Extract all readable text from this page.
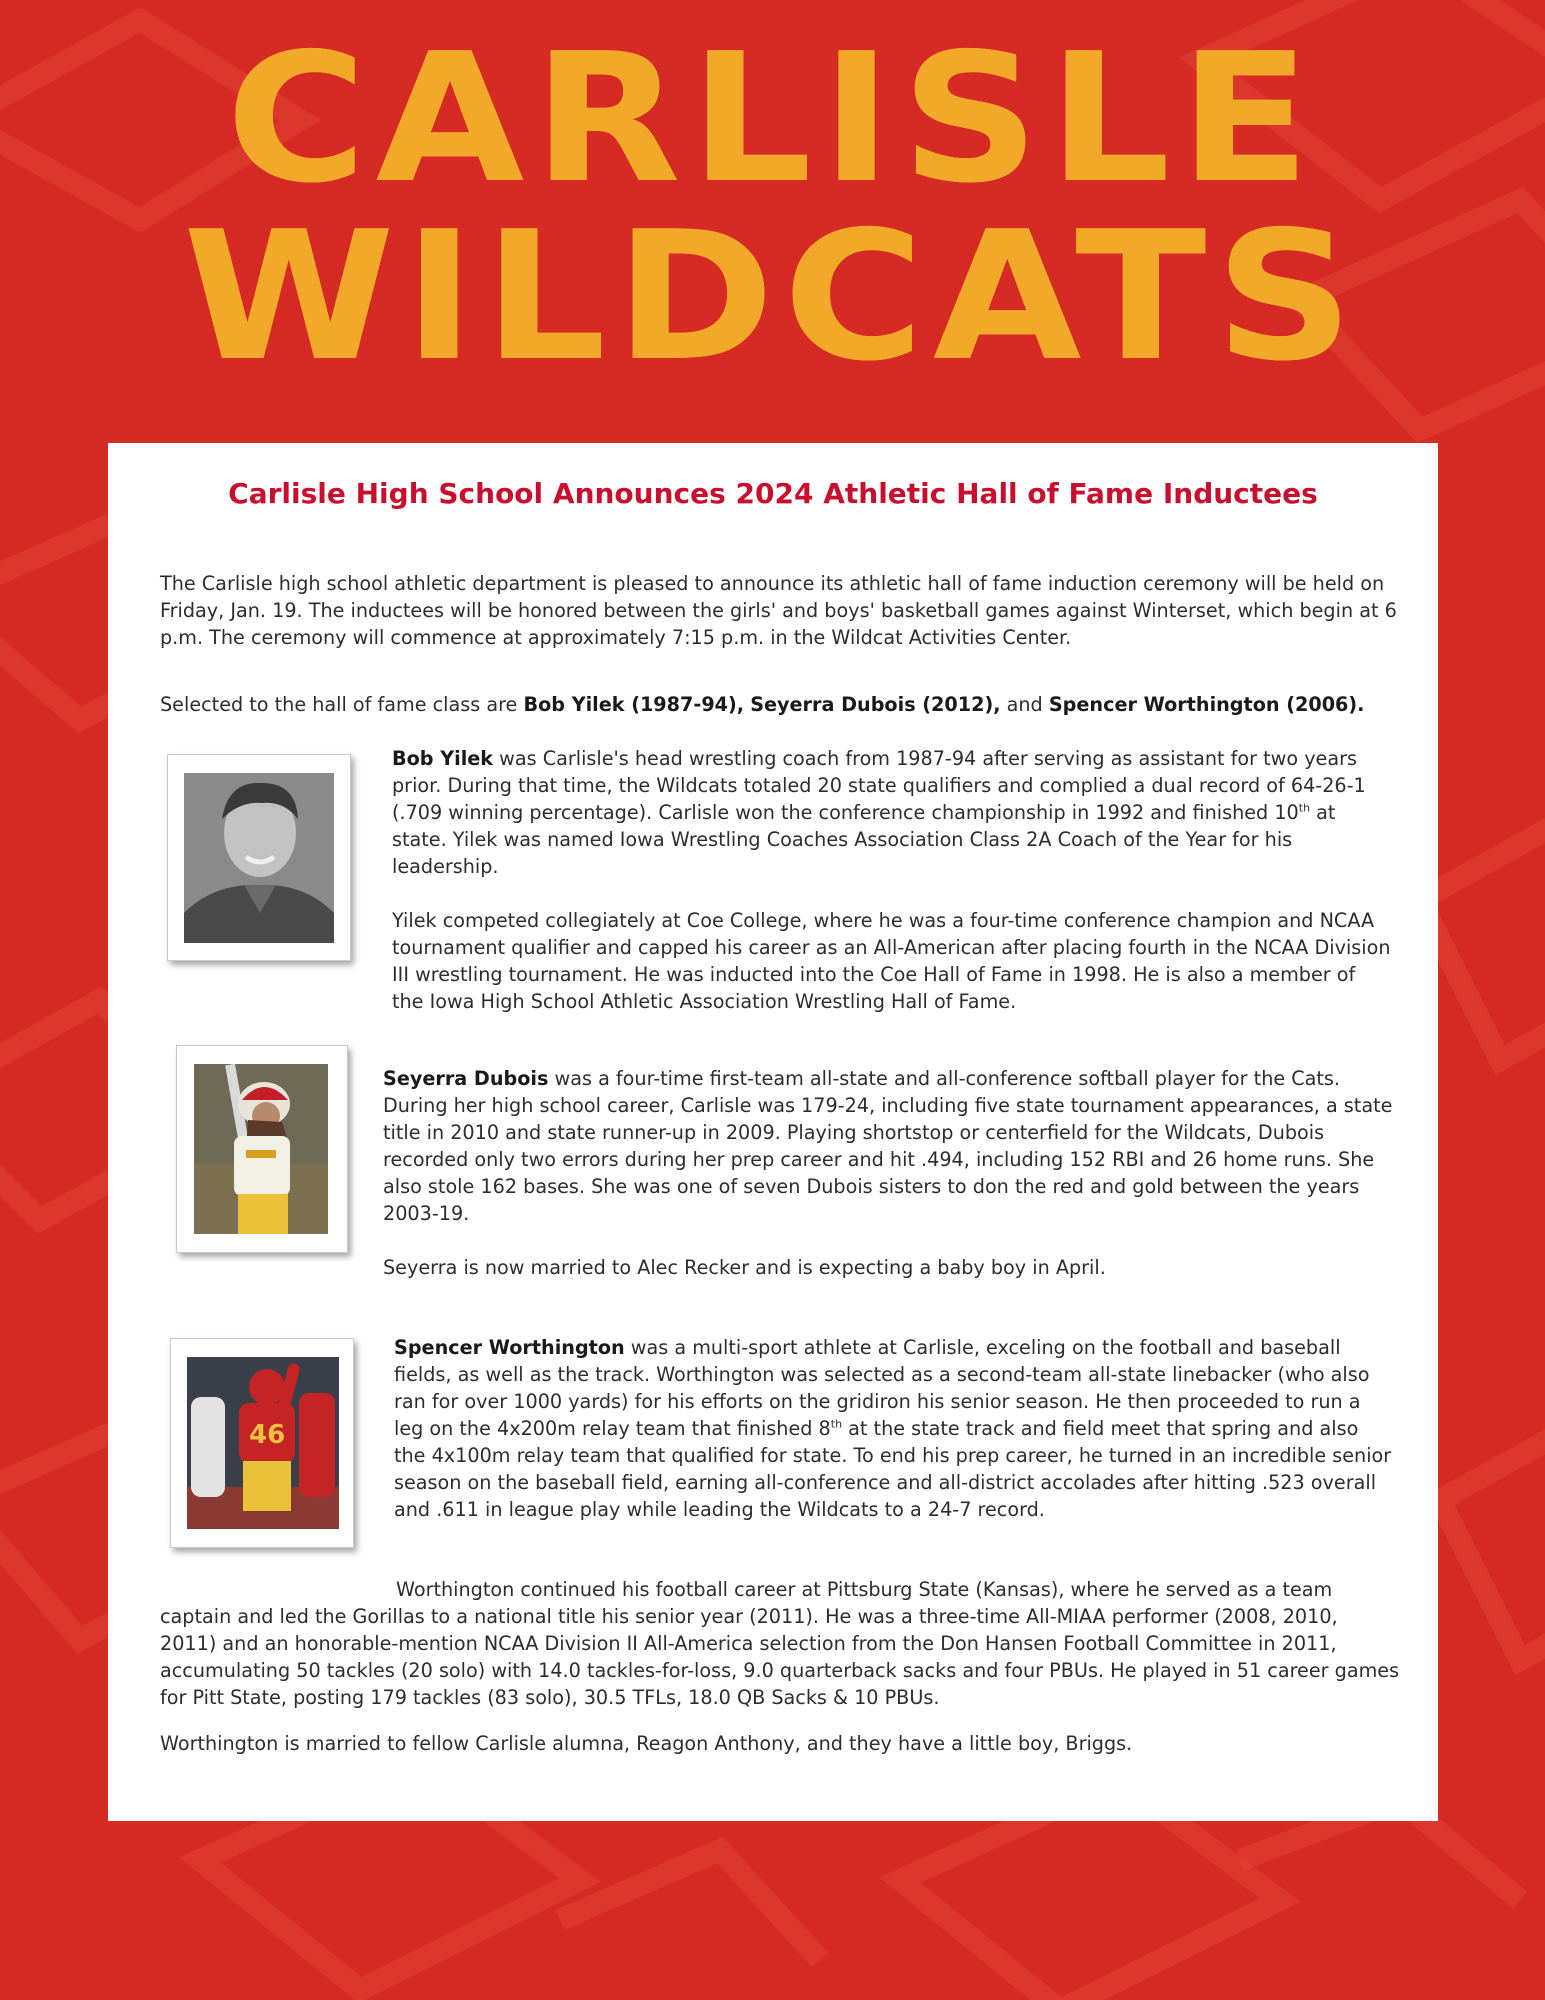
CARLISLE
WILDCATS
Carlisle High School Announces 2024 Athletic Hall of Fame Inductees

The Carlisle high school athletic department is pleased to announce its athletic hall of fame induction ceremony will be held on Friday, Jan. 19. The inductees will be honored between the girls' and boys' basketball games against Winterset, which begin at 6 p.m. The ceremony will commence at approximately 7:15 p.m. in the Wildcat Activities Center.

Selected to the hall of fame class are Bob Yilek (1987-94), Seyerra Dubois (2012), and Spencer Worthington (2006).

Bob Yilek was Carlisle's head wrestling coach from 1987-94 after serving as assistant for two years prior. During that time, the Wildcats totaled 20 state qualifiers and complied a dual record of 64-26-1 (.709 winning percentage). Carlisle won the conference championship in 1992 and finished 10th at state. Yilek was named Iowa Wrestling Coaches Association Class 2A Coach of the Year for his leadership.

Yilek competed collegiately at Coe College, where he was a four-time conference champion and NCAA tournament qualifier and capped his career as an All-American after placing fourth in the NCAA Division III wrestling tournament. He was inducted into the Coe Hall of Fame in 1998. He is also a member of the Iowa High School Athletic Association Wrestling Hall of Fame.

Seyerra Dubois was a four-time first-team all-state and all-conference softball player for the Cats. During her high school career, Carlisle was 179-24, including five state tournament appearances, a state title in 2010 and state runner-up in 2009. Playing shortstop or centerfield for the Wildcats, Dubois recorded only two errors during her prep career and hit .494, including 152 RBI and 26 home runs. She also stole 162 bases. She was one of seven Dubois sisters to don the red and gold between the years 2003-19.

Seyerra is now married to Alec Recker and is expecting a baby boy in April.

46

Spencer Worthington was a multi-sport athlete at Carlisle, exceling on the football and baseball fields, as well as the track. Worthington was selected as a second-team all-state linebacker (who also ran for over 1000 yards) for his efforts on the gridiron his senior season. He then proceeded to run a leg on the 4x200m relay team that finished 8th at the state track and field meet that spring and also the 4x100m relay team that qualified for state. To end his prep career, he turned in an incredible senior season on the baseball field, earning all-conference and all-district accolades after hitting .523 overall and .611 in league play while leading the Wildcats to a 24-7 record.

Worthington continued his football career at Pittsburg State (Kansas), where he served as a team captain and led the Gorillas to a national title his senior year (2011). He was a three-time All-MIAA performer (2008, 2010, 2011) and an honorable-mention NCAA Division II All-America selection from the Don Hansen Football Committee in 2011, accumulating 50 tackles (20 solo) with 14.0 tackles-for-loss, 9.0 quarterback sacks and four PBUs. He played in 51 career games for Pitt State, posting 179 tackles (83 solo), 30.5 TFLs, 18.0 QB Sacks & 10 PBUs.

Worthington is married to fellow Carlisle alumna, Reagon Anthony, and they have a little boy, Briggs.
